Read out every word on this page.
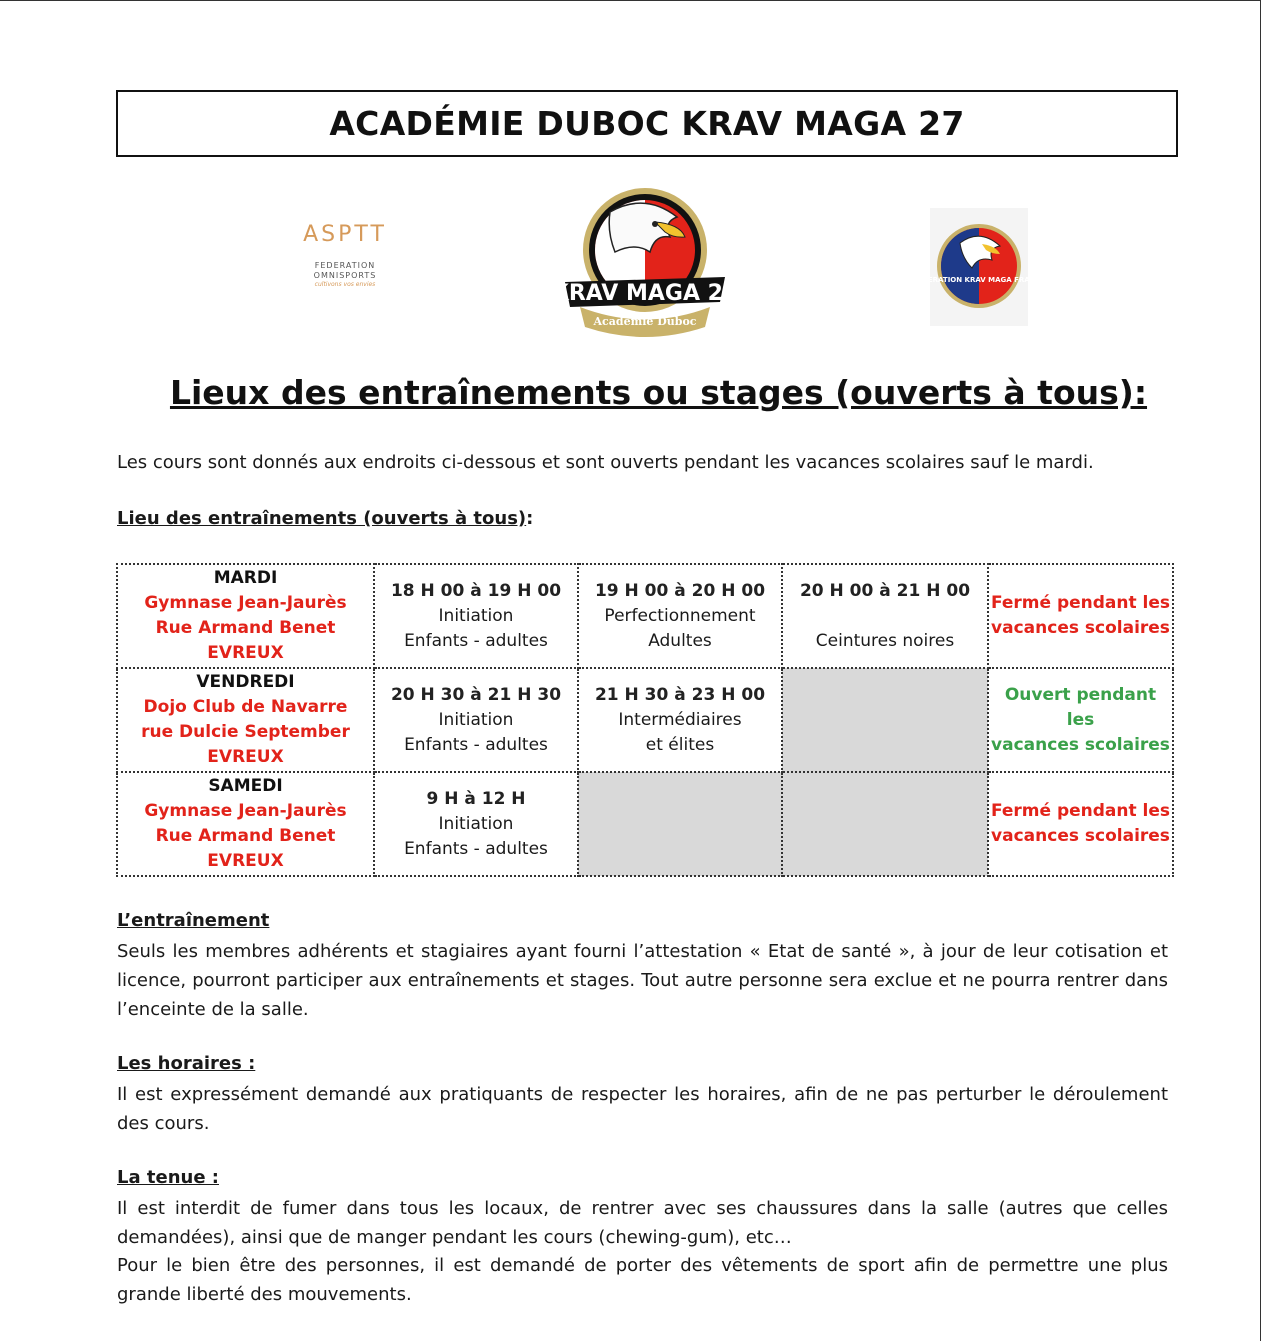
ACADÉMIE DUBOC KRAV MAGA 27
ASPTT
FEDERATION
OMNISPORTS
cultivons vos envies	KRAV MAGA 27
Académie Duboc
FEDERATION KRAV MAGA FRANCE
Lieux des entraînements ou stages (ouverts à tous):
Les cours sont donnés aux endroits ci-dessous et sont ouverts pendant les vacances scolaires sauf le mardi.
Lieu des entraînements (ouverts à tous):
MARDI
Gymnase Jean-Jaurès
Rue Armand Benet
EVREUX	18 H 00 à 19 H 00
Initiation
Enfants - adultes	19 H 00 à 20 H 00
Perfectionnement
Adultes	20 H 00 à 21 H 00

Ceintures noires	Fermé pendant les
vacances scolaires

VENDREDI
Dojo Club de Navarre
rue Dulcie September
EVREUX	20 H 30 à 21 H 30
Initiation
Enfants - adultes	21 H 30 à 23 H 00
Intermédiaires
et élites		Ouvert pendant les
vacances scolaires

SAMEDI
Gymnase Jean-Jaurès
Rue Armand Benet
EVREUX	9 H à 12 H
Initiation
Enfants - adultes			Fermé pendant les
vacances scolaires
L’entraînement
Seuls les membres adhérents et stagiaires ayant fourni l’attestation « Etat de santé », à jour de leur cotisation et licence, pourront participer aux entraînements et stages. Tout autre personne sera exclue et ne pourra rentrer dans l’enceinte de la salle.
Les horaires :
Il est expressément demandé aux pratiquants de respecter les horaires, afin de ne pas perturber le déroulement des cours.
La tenue :
Il est interdit de fumer dans tous les locaux, de rentrer avec ses chaussures dans la salle (autres que celles demandées), ainsi que de manger pendant les cours (chewing-gum), etc…
Pour le bien être des personnes, il est demandé de porter des vêtements de sport afin de permettre une plus grande liberté des mouvements.
